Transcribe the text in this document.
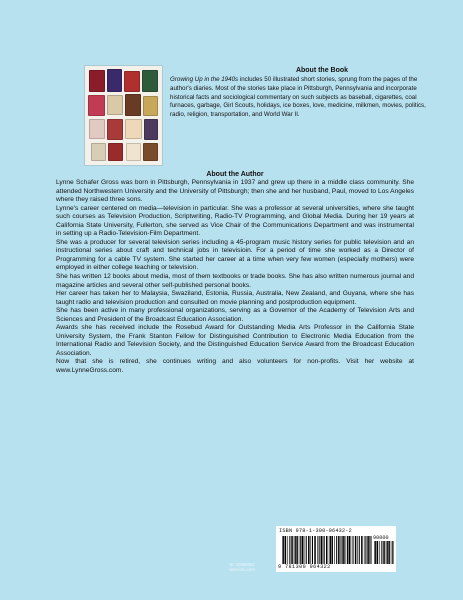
About the Book

Growing Up in the 1940s includes 50 illustrated short stories, sprung from the pages of the author's diaries. Most of the stories take place in Pittsburgh, Pennsylvania and incorporate historical facts and sociological commentary on such subjects as baseball, cigarettes, coal furnaces, garbage, Girl Scouts, holidays, ice boxes, love, medicine, milkmen, movies, politics, radio, religion, transportation, and World War II.

About the Author

Lynne Schafer Gross was born in Pittsburgh, Pennsylvania in 1937 and grew up there in a middle class community. She attended Northwestern University and the University of Pittsburgh; then she and her husband, Paul, moved to Los Angeles where they raised three sons.

Lynne's career centered on media—television in particular. She was a professor at several universities, where she taught such courses as Television Production, Scriptwriting, Radio-TV Programming, and Global Media. During her 19 years at California State University, Fullerton, she served as Vice Chair of the Communications Department and was instrumental in setting up a Radio-Television-Film Department.

She was a producer for several television series including a 45-program music history series for public television and an instructional series about craft and technical jobs in televisioin. For a period of time she worked as a Director of Programming for a cable TV system. She started her career at a time when very few women (especially mothers) were employed in either college teaching or television.

She has written 12 books about media, most of them textbooks or trade books. She has also written numerous journal and magazine articles and several other self-published personal books.

Her career has taken her to Malaysia, Swaziland, Estonia, Russia, Australia, New Zealand, and Guyana, where she has taught radio and television production and consulted on movie planning and postproduction equipment.

She has been active in many professional organizations, serving as a Governor of the Academy of Television Arts and Sciences and President of the Broadcast Education Association.

Awards she has received include the Rosebud Award for Outstanding Media Arts Professor in the California State University System, the Frank Stanton Fellow for Distinguished Contribution to Electronic Media Education from the International Radio and Television Society, and the Distinguished Education Service Award from the Broadcast Education Association.

Now that she is retired, she continues writing and also volunteers for non-profits. Visit her website at www.LynneGross.com.

ID: 10498962
www.lulu.com
ISBN 978-1-300-96432-2
9 781300 964322
90000
